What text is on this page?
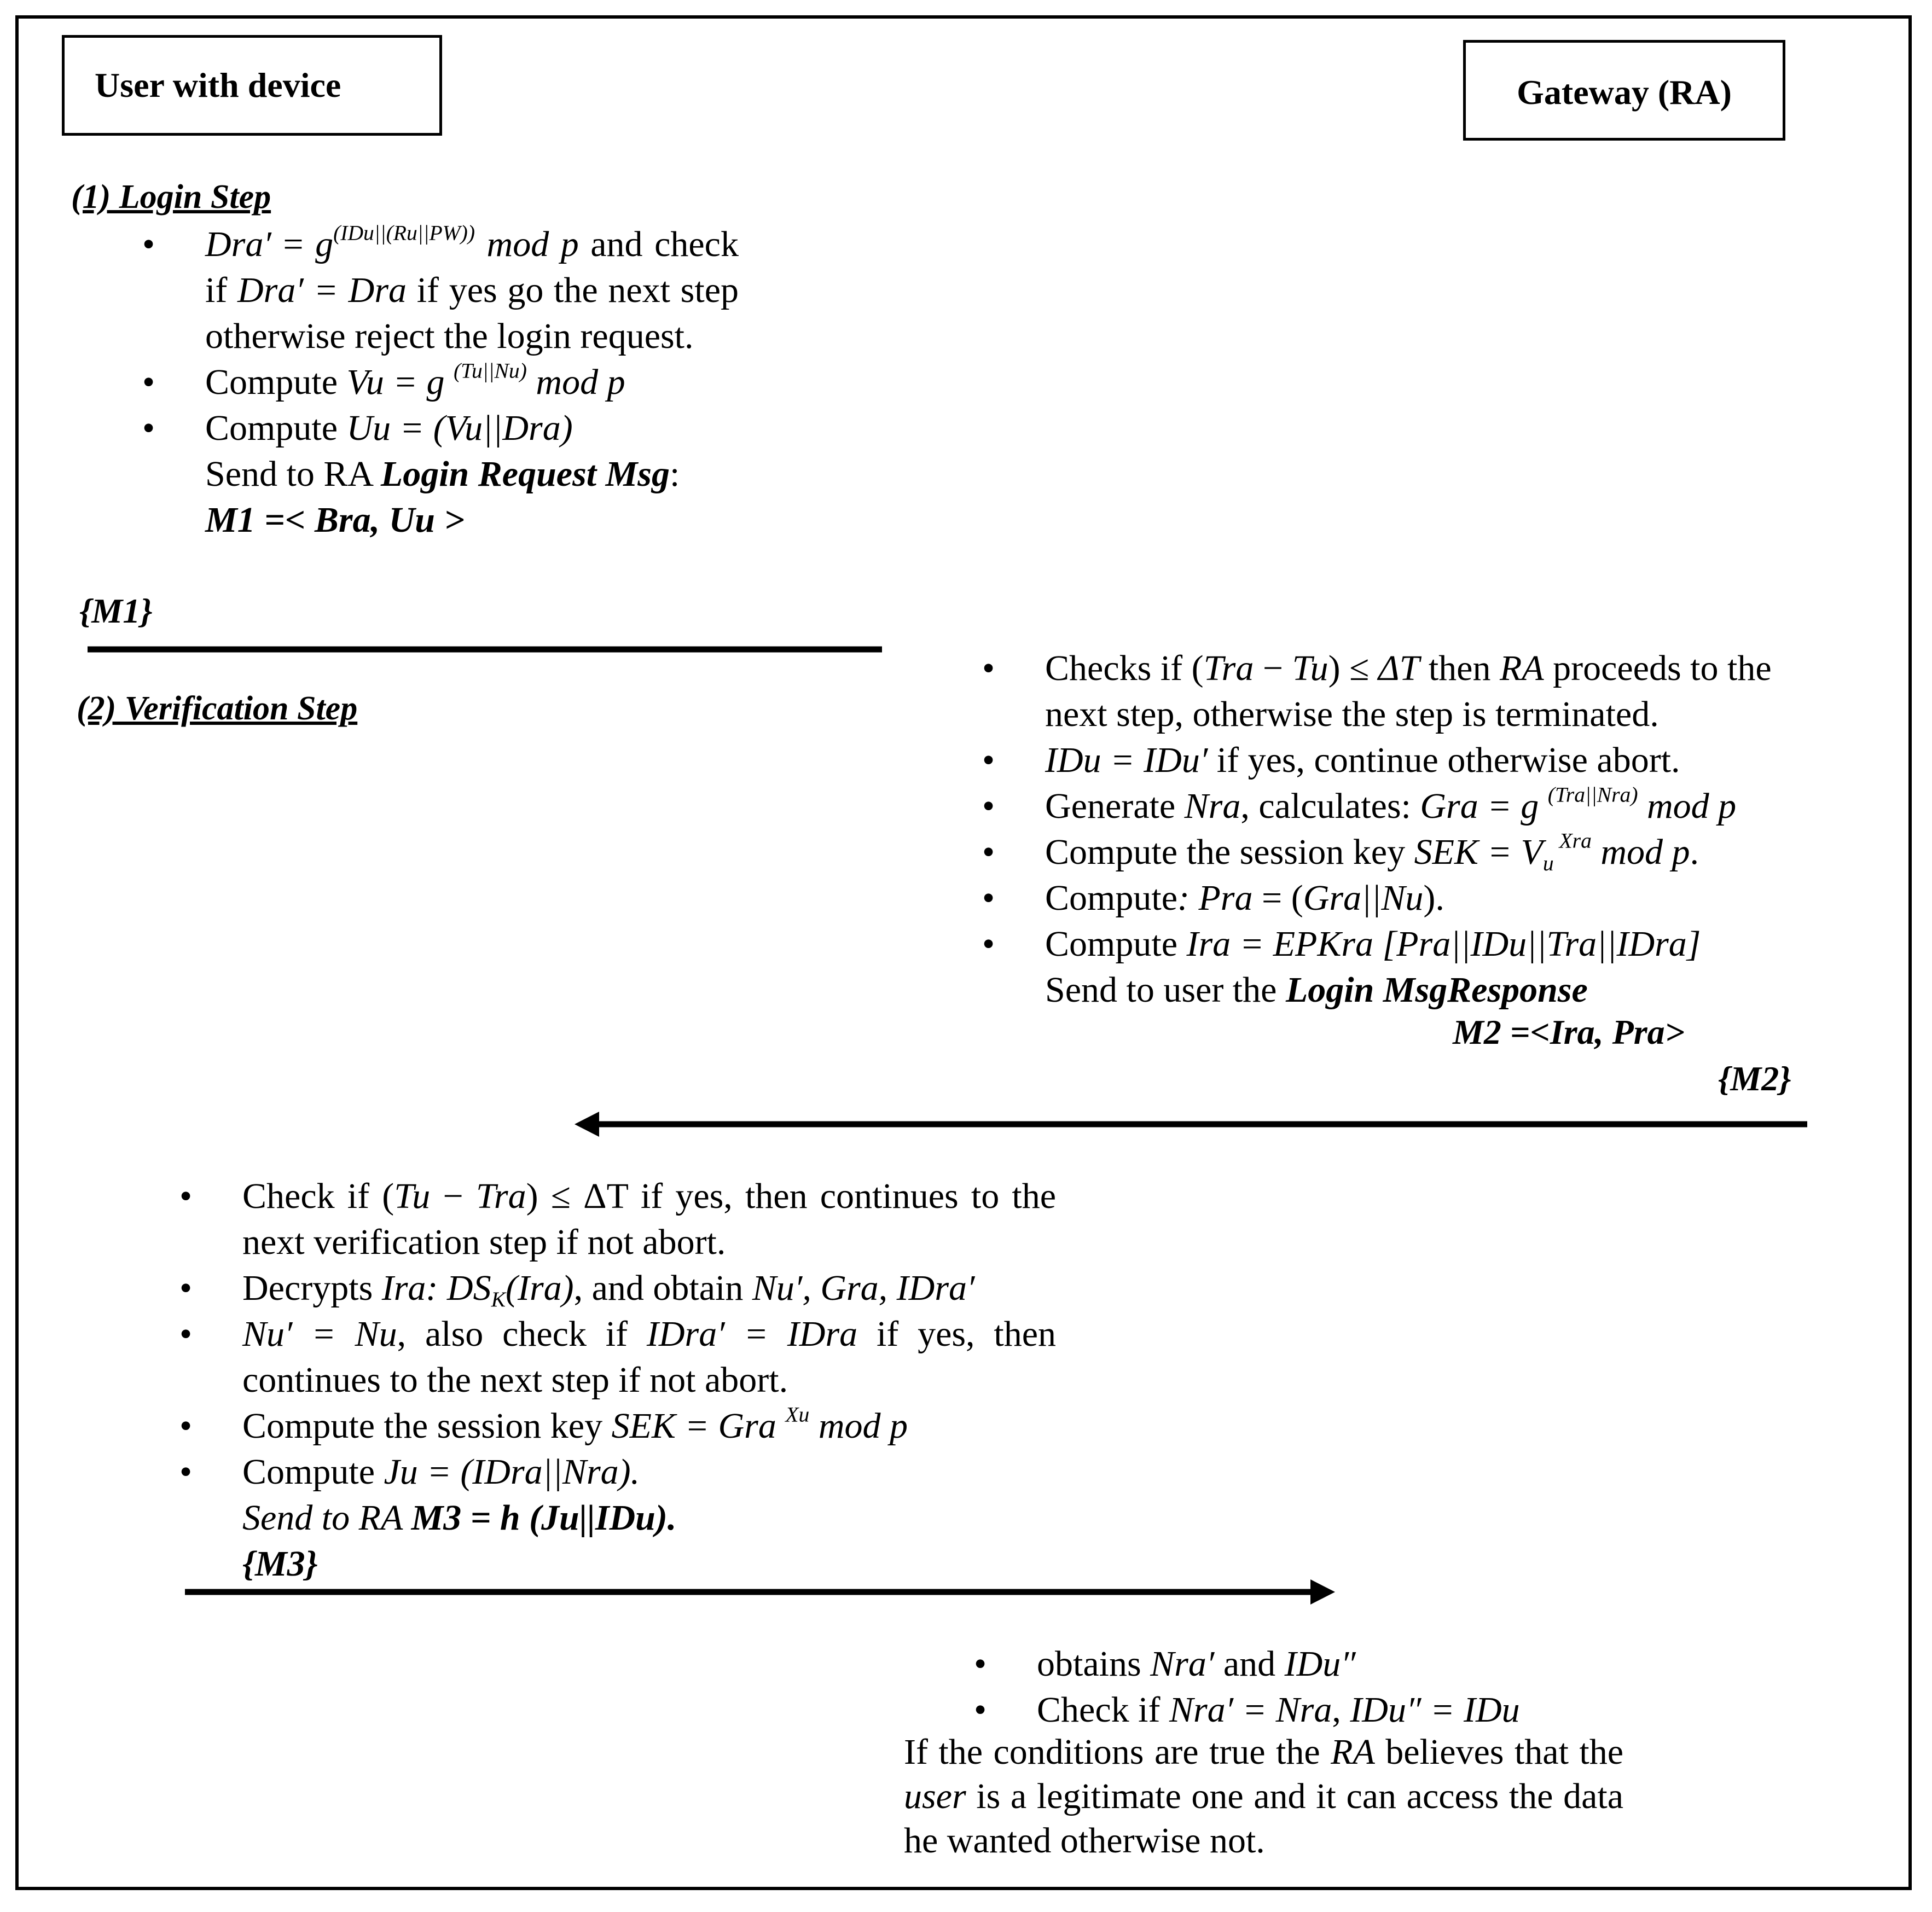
User with device	Gateway (RA)
(1) Login Step
• $Dra' = g^{(IDu||(Ru||PW))}$ mod p and check if Dra′ = Dra if yes go the next step otherwise reject the login request.
• Compute Vu = g $^{(Tu||Nu)}$ mod p
• Compute Uu = (Vu||Dra)
Send to RA Login Request Msg:
M1 =< Bra, Uu >
{M1}
(2) Verification Step
• Checks if (Tra − Tu) ≤ ΔT then RA proceeds to the next step, otherwise the step is terminated.
• IDu = IDu′ if yes, continue otherwise abort.
• Generate Nra, calculates: Gra = g $^{(Tra||Nra)}$ mod p
• Compute the session key SEK = $V_u$ $^{Xra}$ mod p.
• Compute: Pra = (Gra||Nu).
• Compute Ira = EPKra [Pra||IDu||Tra||IDra]
Send to user the Login MsgResponse
M2 =<Ira, Pra>
{M2}
• Check if (Tu − Tra) ≤ ΔT if yes, then continues to the next verification step if not abort.
• Decrypts Ira: $DS_K(Ira)$, and obtain Nu′, Gra, IDra′
• Nu′ = Nu, also check if IDra′ = IDra if yes, then continues to the next step if not abort.
• Compute the session key SEK = Gra $^{Xu}$ mod p
• Compute Ju = (IDra||Nra).
Send to RA M3 = h (Ju||IDu).
{M3}
• obtains Nra′ and IDu″
• Check if Nra′ = Nra, IDu″ = IDu
If the conditions are true the RA believes that the user is a legitimate one and it can access the data he wanted otherwise not.
